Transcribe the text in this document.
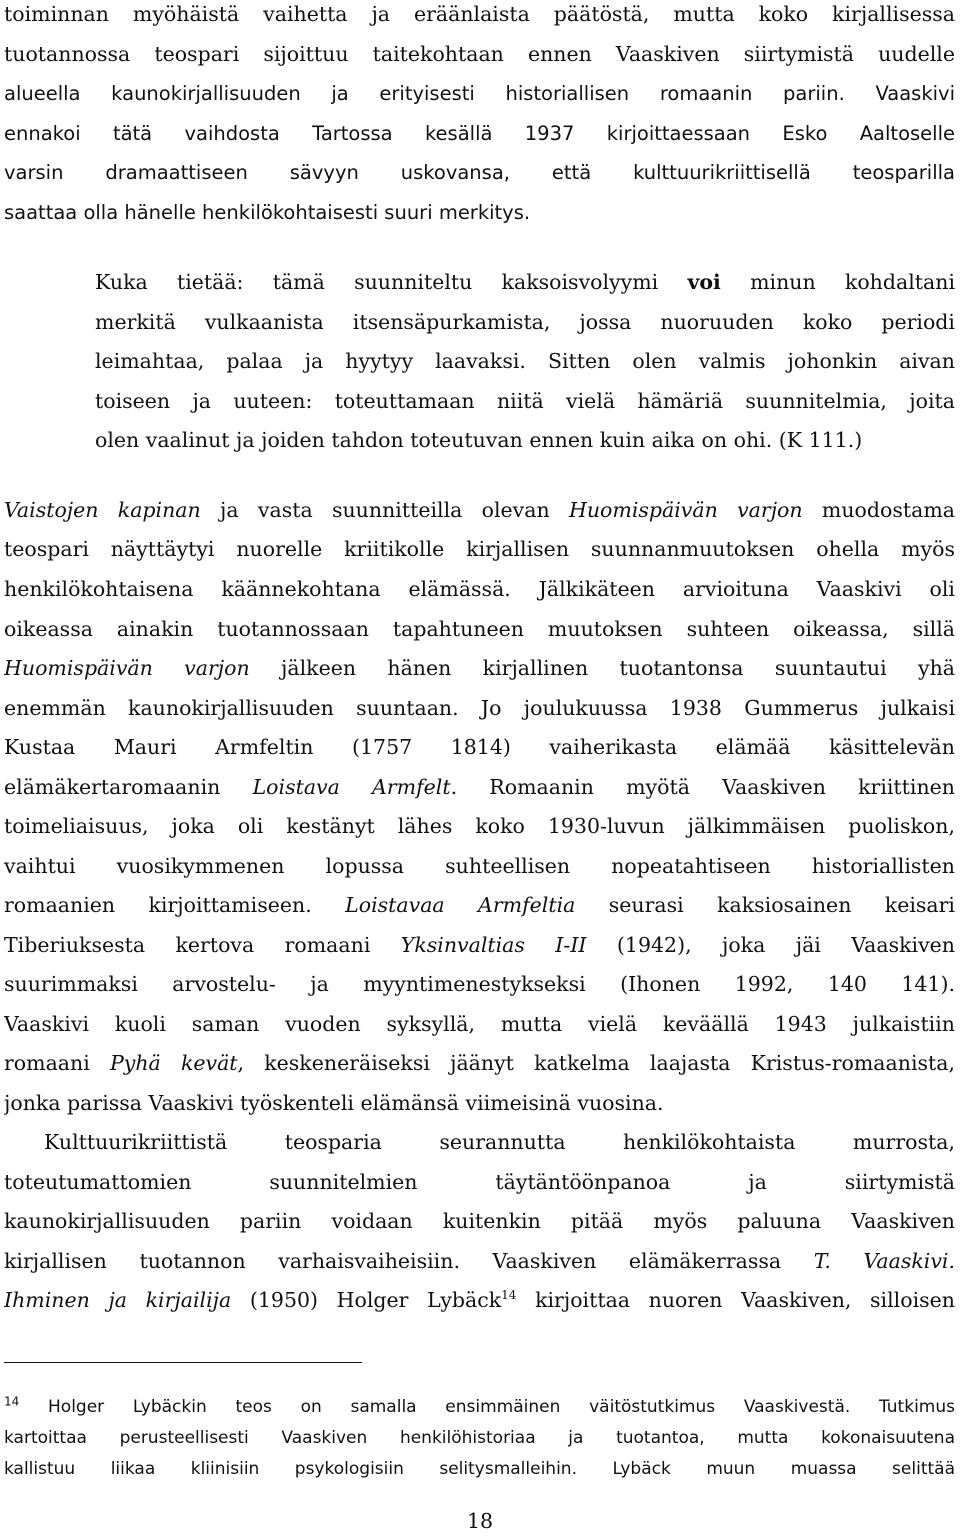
toiminnan myöhäistä vaihetta ja eräänlaista päätöstä, mutta koko kirjallisessa
tuotannossa teospari sijoittuu taitekohtaan ennen Vaaskiven siirtymistä uudelle
alueella kaunokirjallisuuden ja erityisesti historiallisen romaanin pariin. Vaaskivi
ennakoi tätä vaihdosta Tartossa kesällä 1937 kirjoittaessaan Esko Aaltoselle
varsin dramaattiseen sävyyn uskovansa, että kulttuurikriittisellä teosparilla
saattaa olla hänelle henkilökohtaisesti suuri merkitys.
Kuka tietää: tämä suunniteltu kaksoisvolyymi voi minun kohdaltani
merkitä vulkaanista itsensäpurkamista, jossa nuoruuden koko periodi
leimahtaa, palaa ja hyytyy laavaksi. Sitten olen valmis johonkin aivan
toiseen ja uuteen: toteuttamaan niitä vielä hämäriä suunnitelmia, joita
olen vaalinut ja joiden tahdon toteutuvan ennen kuin aika on ohi. (K 111.)
Vaistojen kapinan ja vasta suunnitteilla olevan Huomispäivän varjon muodostama
teospari näyttäytyi nuorelle kriitikolle kirjallisen suunnanmuutoksen ohella myös
henkilökohtaisena käännekohtana elämässä. Jälkikäteen arvioituna Vaaskivi oli
oikeassa ainakin tuotannossaan tapahtuneen muutoksen suhteen oikeassa, sillä
Huomispäivän varjon jälkeen hänen kirjallinen tuotantonsa suuntautui yhä
enemmän kaunokirjallisuuden suuntaan. Jo joulukuussa 1938 Gummerus julkaisi
Kustaa Mauri Armfeltin (1757 1814) vaiherikasta elämää käsittelevän
elämäkertaromaanin Loistava Armfelt. Romaanin myötä Vaaskiven kriittinen
toimeliaisuus, joka oli kestänyt lähes koko 1930-luvun jälkimmäisen puoliskon,
vaihtui vuosikymmenen lopussa suhteellisen nopeatahtiseen historiallisten
romaanien kirjoittamiseen. Loistavaa Armfeltia seurasi kaksiosainen keisari
Tiberiuksesta kertova romaani Yksinvaltias I-II (1942), joka jäi Vaaskiven
suurimmaksi arvostelu- ja myyntimenestykseksi (Ihonen 1992, 140 141).
Vaaskivi kuoli saman vuoden syksyllä, mutta vielä keväällä 1943 julkaistiin
romaani Pyhä kevät, keskeneräiseksi jäänyt katkelma laajasta Kristus-romaanista,
jonka parissa Vaaskivi työskenteli elämänsä viimeisinä vuosina.
Kulttuurikriittistä teosparia seurannutta henkilökohtaista murrosta,
toteutumattomien suunnitelmien täytäntöönpanoa ja siirtymistä
kaunokirjallisuuden pariin voidaan kuitenkin pitää myös paluuna Vaaskiven
kirjallisen tuotannon varhaisvaiheisiin. Vaaskiven elämäkerrassa T. Vaaskivi.
Ihminen ja kirjailija (1950) Holger Lybäck$^{14}$ kirjoittaa nuoren Vaaskiven, silloisen
$^{14}$ Holger Lybäckin teos on samalla ensimmäinen väitöstutkimus Vaaskivestä. Tutkimus
kartoittaa perusteellisesti Vaaskiven henkilöhistoriaa ja tuotantoa, mutta kokonaisuutena
kallistuu liikaa kliinisiin psykologisiin selitysmalleihin. Lybäck muun muassa selittää
18
